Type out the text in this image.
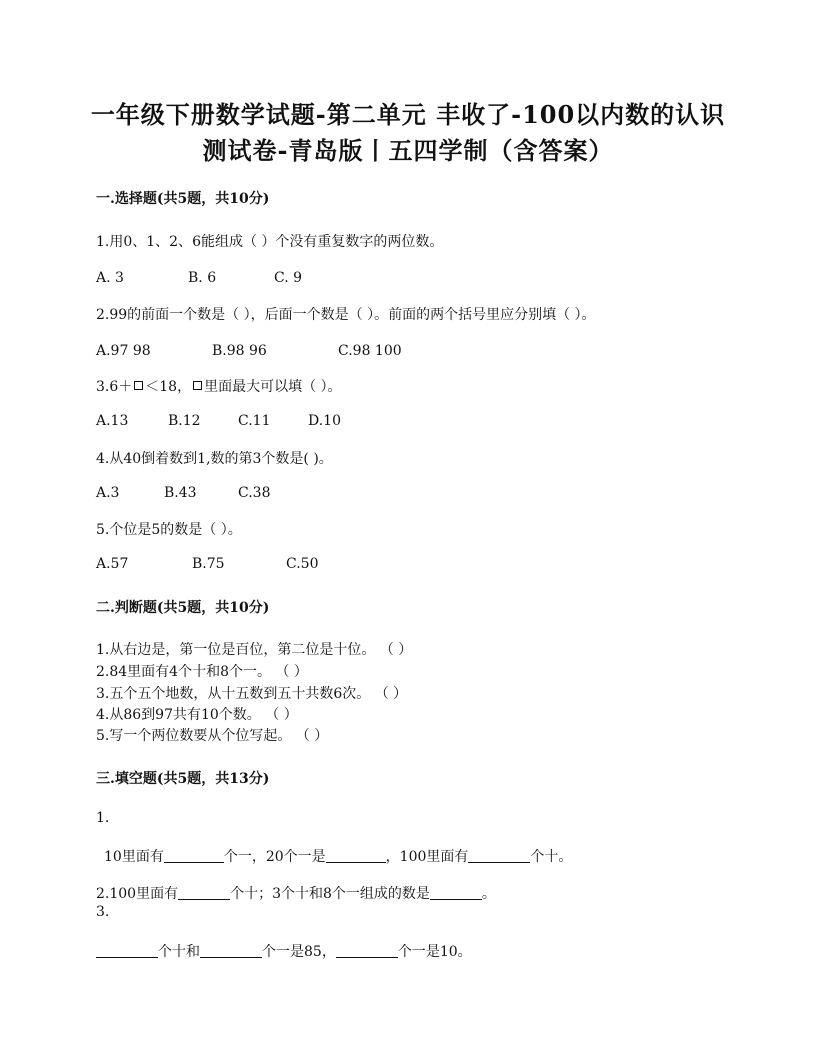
一年级下册数学试题-第二单元 丰收了-100以内数的认识
测试卷-青岛版丨五四学制（含答案）
一.选择题(共5题，共10分)
1.用0、1、2、6能组成（ ）个没有重复数字的两位数。
A. 3	B. 6	C. 9
2.99的前面一个数是（ ），后面一个数是（ ）。前面的两个括号里应分别填（ ）。
A.97 98	B.98 96	C.98 100
3.6＋ ＜18， 里面最大可以填（ ）。
A.13	B.12	C.11	D.10
4.从40倒着数到1,数的第3个数是( )。
A.3	B.43	C.38
5.个位是5的数是（ ）。
A.57	B.75	C.50
二.判断题(共5题，共10分)
1.从右边是，第一位是百位，第二位是十位。 （ ）
2.84里面有4个十和8个一。 （ ）
3.五个五个地数，从十五数到五十共数6次。 （ ）
4.从86到97共有10个数。 （ ）
5.写一个两位数要从个位写起。 （ ）
三.填空题(共5题，共13分)
1.
10里面有	个一，20个一是	，100里面有	个十。
2.100里面有	个十；3个十和8个一组成的数是	。
3.
个十和	个一是85，	个一是10。
